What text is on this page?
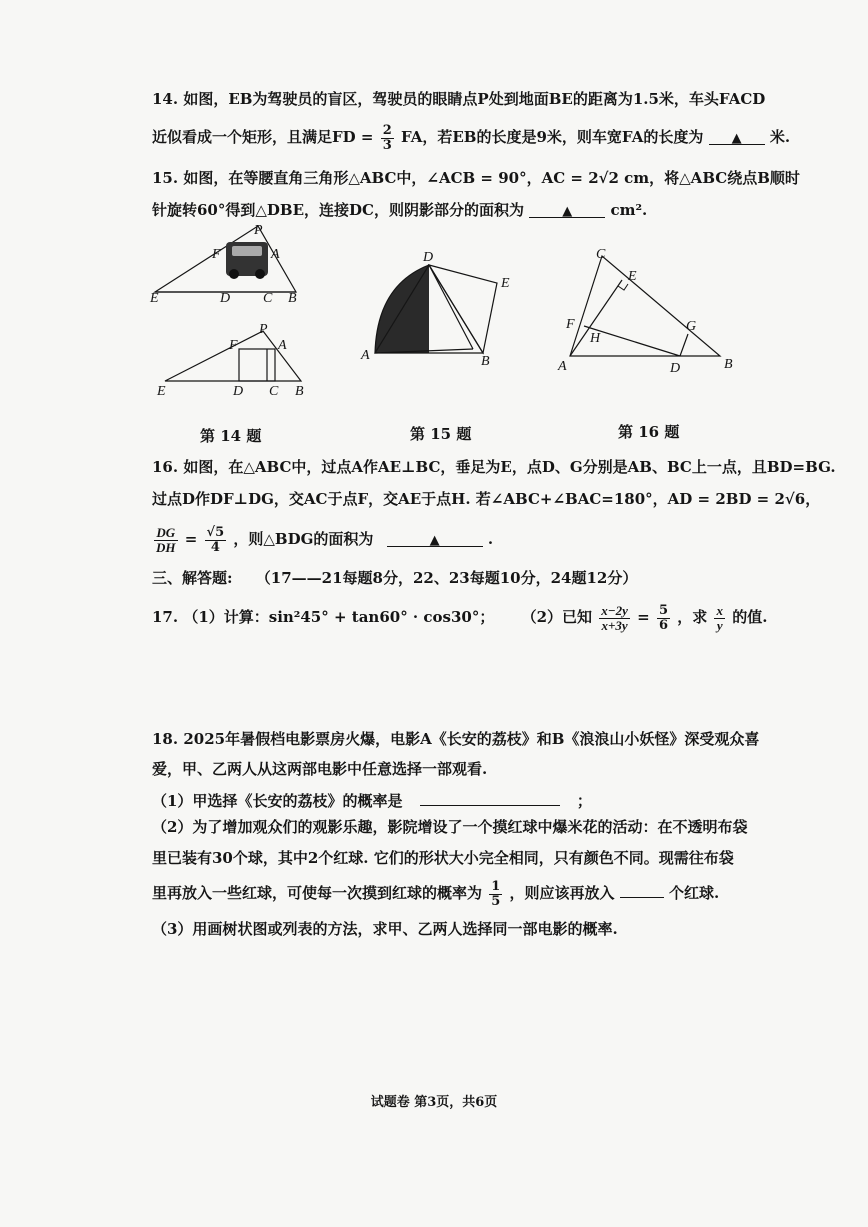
14. 如图，EB为驾驶员的盲区，驾驶员的眼睛点P处到地面BE的距离为1.5米，车头FACD
近似看成一个矩形，且满足FD = $\frac{2}{3}$ FA，若EB的长度是9米，则车宽FA的长度为 ▲ 米.
15. 如图，在等腰直角三角形△ABC中，∠ACB = 90°，AC = 2√2 cm，将△ABC绕点B顺时
针旋转60°得到△DBE，连接DC，则阴影部分的面积为	▲	cm².
P
F	A
E	D C B
P
F	A
E	D C B
D
E
A	B
C
E
F
H
G
A	D	B
第 14 题	第 15 题	第 16 题
16. 如图，在△ABC中，过点A作AE⊥BC，垂足为E，点D、G分别是AB、BC上一点，且BD=BG.
过点D作DF⊥DG，交AC于点F，交AE于点H. 若∠ABC+∠BAC=180°，AD = 2BD = 2√6，
$\frac{DG}{DH} = \frac{√5}{4}$ ，则△BDG的面积为	▲	.
三、解答题: （17——21每题8分，22、23每题10分，24题12分）
17. （1）计算：sin²45° + tan60° · cos30°； （2）已知 $\frac{x-2y}{x+3y} = \frac{5}{6}$ ，求 $\frac{x}{y}$ 的值.
18. 2025年暑假档电影票房火爆，电影A《长安的荔枝》和B《浪浪山小妖怪》深受观众喜
爱，甲、乙两人从这两部电影中任意选择一部观看.
（1）甲选择《长安的荔枝》的概率是	；
（2）为了增加观众们的观影乐趣，影院增设了一个摸红球中爆米花的活动：在不透明布袋
里已装有30个球，其中2个红球. 它们的形状大小完全相同，只有颜色不同。现需往布袋
里再放入一些红球，可使每一次摸到红球的概率为 $\frac{1}{5}$ ，则应该再放入	个红球.
（3）用画树状图或列表的方法，求甲、乙两人选择同一部电影的概率.
试题卷 第3页，共6页
